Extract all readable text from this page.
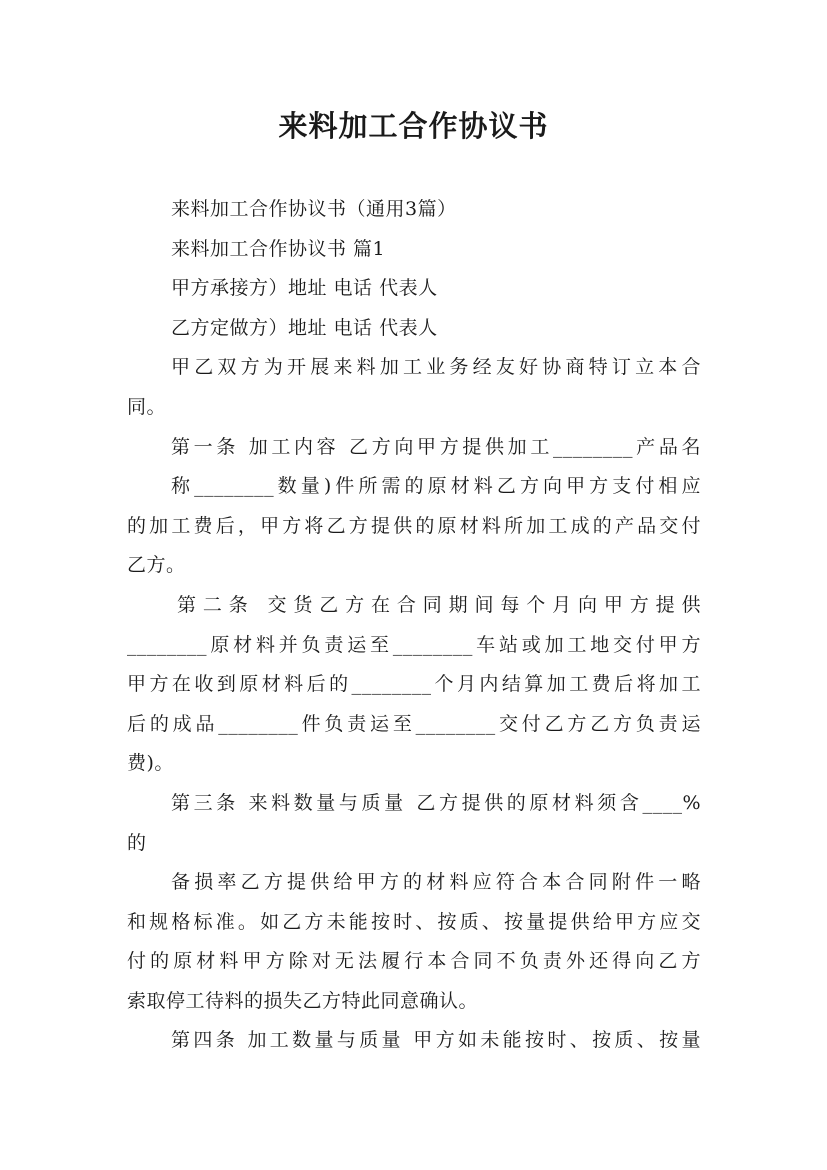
来料加工合作协议书
来料加工合作协议书（通用3篇）
来料加工合作协议书 篇1
甲方承接方）地址 电话 代表人
乙方定做方）地址 电话 代表人
甲乙双方为开展来料加工业务经友好协商特订立本合
同。
第一条 加工内容 乙方向甲方提供加工________产品名
称________数量)件所需的原材料乙方向甲方支付相应
的加工费后，甲方将乙方提供的原材料所加工成的产品交付
乙方。
第二条 交货乙方在合同期间每个月向甲方提供
________原材料并负责运至________车站或加工地交付甲方
甲方在收到原材料后的________个月内结算加工费后将加工
后的成品________件负责运至________交付乙方乙方负责运
费)。
第三条 来料数量与质量 乙方提供的原材料须含____%
的
备损率乙方提供给甲方的材料应符合本合同附件一略
和规格标准。如乙方未能按时、按质、按量提供给甲方应交
付的原材料甲方除对无法履行本合同不负责外还得向乙方
索取停工待料的损失乙方特此同意确认。
第四条 加工数量与质量 甲方如未能按时、按质、按量
